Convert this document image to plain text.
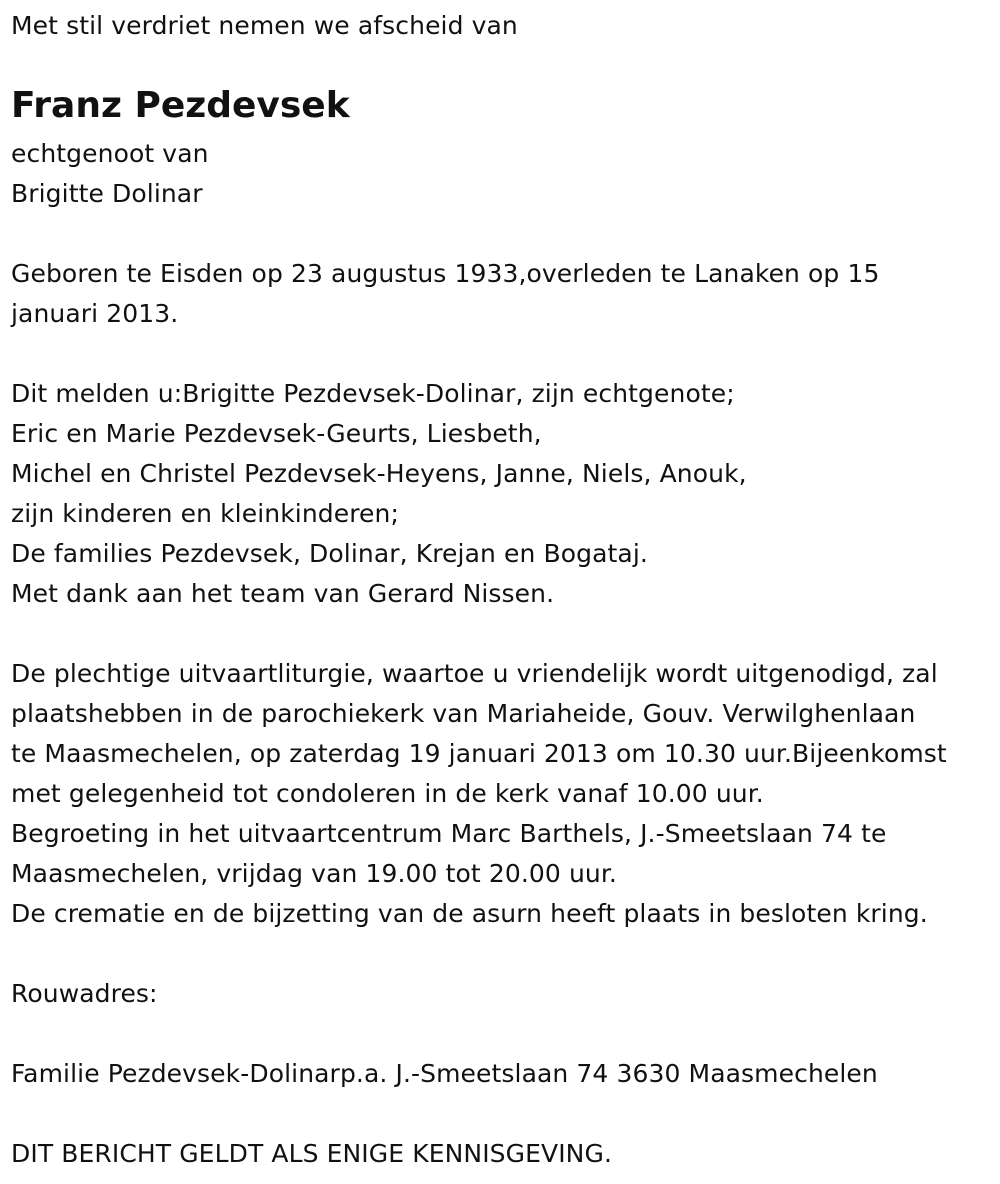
Met stil verdriet nemen we afscheid van
Franz Pezdevsek
echtgenoot van
Brigitte Dolinar
Geboren te Eisden op 23 augustus 1933,overleden te Lanaken op 15
januari 2013.
Dit melden u:Brigitte Pezdevsek-Dolinar, zijn echtgenote;
Eric en Marie Pezdevsek-Geurts, Liesbeth,
Michel en Christel Pezdevsek-Heyens, Janne, Niels, Anouk,
zijn kinderen en kleinkinderen;
De families Pezdevsek, Dolinar, Krejan en Bogataj.
Met dank aan het team van Gerard Nissen.
De plechtige uitvaartliturgie, waartoe u vriendelijk wordt uitgenodigd, zal
plaatshebben in de parochiekerk van Mariaheide, Gouv. Verwilghenlaan
te Maasmechelen, op zaterdag 19 januari 2013 om 10.30 uur.Bijeenkomst
met gelegenheid tot condoleren in de kerk vanaf 10.00 uur.
Begroeting in het uitvaartcentrum Marc Barthels, J.-Smeetslaan 74 te
Maasmechelen, vrijdag van 19.00 tot 20.00 uur.
De crematie en de bijzetting van de asurn heeft plaats in besloten kring.
Rouwadres:
Familie Pezdevsek-Dolinarp.a. J.-Smeetslaan 74 3630 Maasmechelen
DIT BERICHT GELDT ALS ENIGE KENNISGEVING.
